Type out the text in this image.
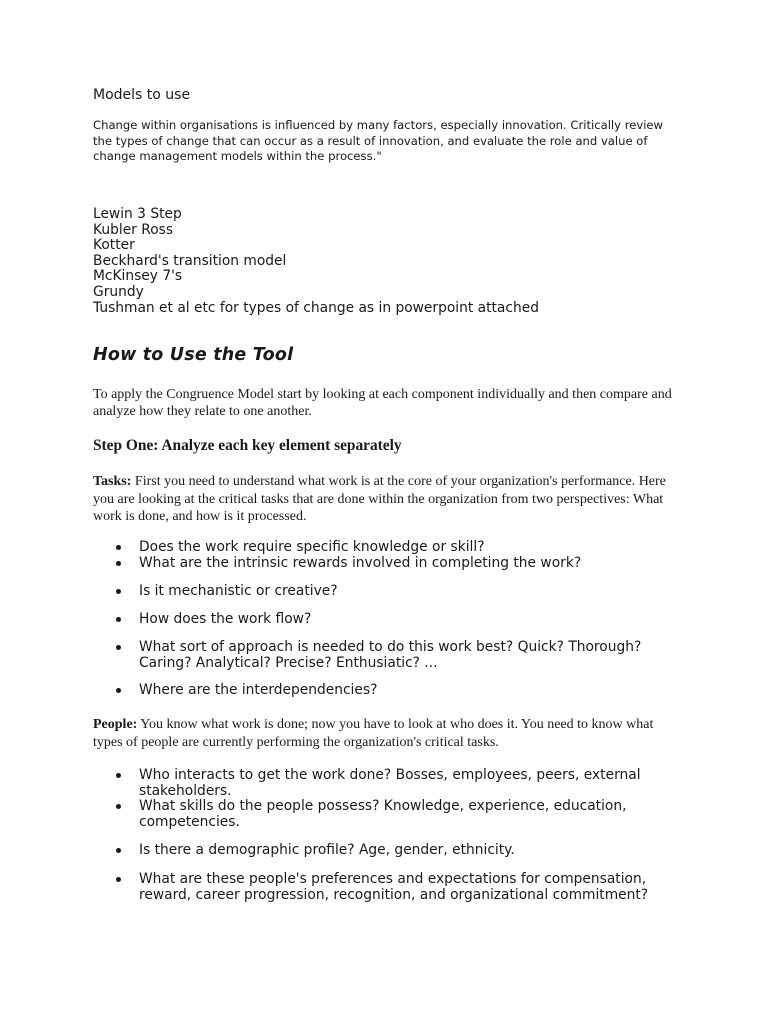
Models to use
Change within organisations is influenced by many factors, especially innovation. Critically review the types of change that can occur as a result of innovation, and evaluate the role and value of change management models within the process."
Lewin 3 Step
Kubler Ross
Kotter
Beckhard's transition model
McKinsey 7's
Grundy
Tushman et al etc for types of change as in powerpoint attached
How to Use the Tool
To apply the Congruence Model start by looking at each component individually and then compare and analyze how they relate to one another.
Step One: Analyze each key element separately
Tasks: First you need to understand what work is at the core of your organization's performance. Here you are looking at the critical tasks that are done within the organization from two perspectives: What work is done, and how is it processed.
Does the work require specific knowledge or skill?
What are the intrinsic rewards involved in completing the work?
Is it mechanistic or creative?
How does the work flow?
What sort of approach is needed to do this work best? Quick? Thorough? Caring? Analytical? Precise? Enthusiatic? ...
Where are the interdependencies?
People: You know what work is done; now you have to look at who does it. You need to know what types of people are currently performing the organization's critical tasks.
Who interacts to get the work done? Bosses, employees, peers, external stakeholders.
What skills do the people possess? Knowledge, experience, education, competencies.
Is there a demographic profile? Age, gender, ethnicity.
What are these people's preferences and expectations for compensation, reward, career progression, recognition, and organizational commitment?
